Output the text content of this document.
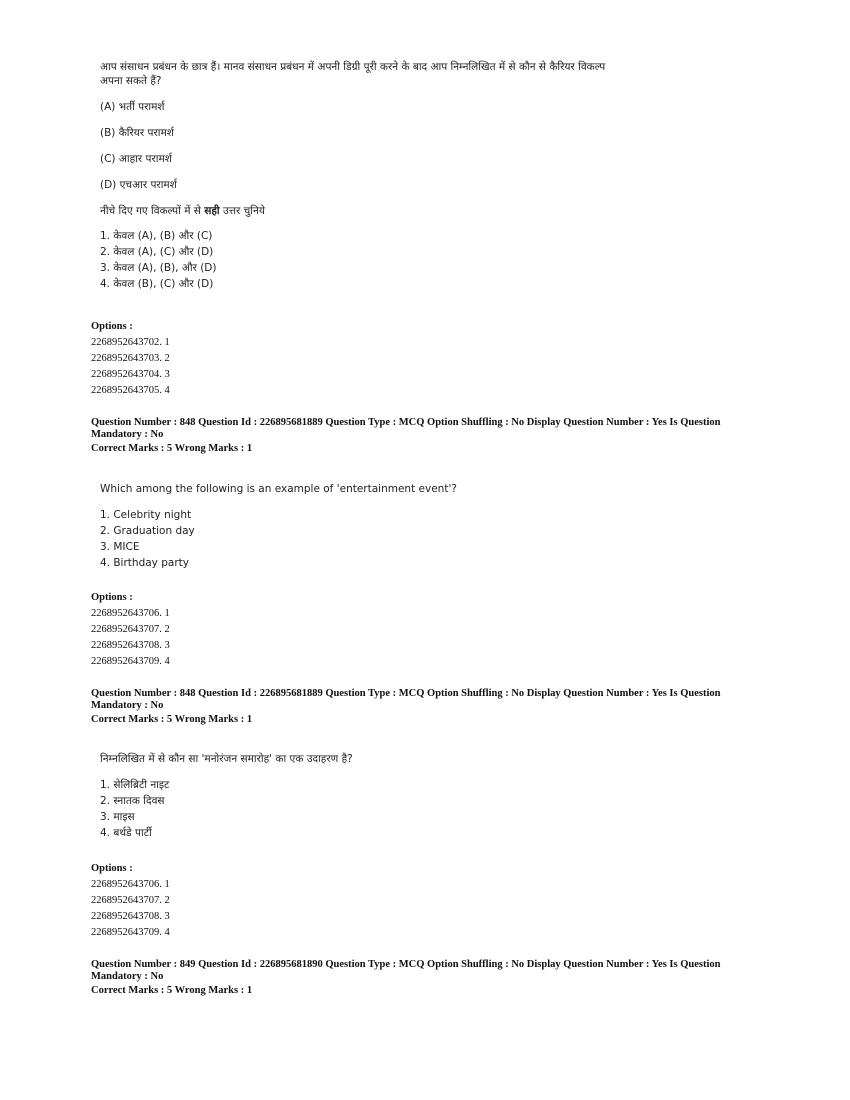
आप संसाधन प्रबंधन के छात्र हैं। मानव संसाधन प्रबंधन में अपनी डिग्री पूरी करने के बाद आप निम्नलिखित में से कौन से कैरियर विकल्प

अपना सकते हैं?

(A) भर्ती परामर्श

(B) कैरियर परामर्श

(C) आहार परामर्श

(D) एचआर परामर्श

नीचे दिए गए विकल्पों में से सही उत्तर चुनिये

1. केवल (A), (B) और (C)

2. केवल (A), (C) और (D)

3. केवल (A), (B), और (D)

4. केवल (B), (C) और (D)

Options :
2268952643702. 1
2268952643703. 2
2268952643704. 3
2268952643705. 4
Question Number : 848 Question Id : 226895681889 Question Type : MCQ Option Shuffling : No Display Question Number : Yes Is Question
Mandatory : No
Correct Marks : 5 Wrong Marks : 1

Which among the following is an example of 'entertainment event'?

1. Celebrity night

2. Graduation day

3. MICE

4. Birthday party

Options :
2268952643706. 1
2268952643707. 2
2268952643708. 3
2268952643709. 4
Question Number : 848 Question Id : 226895681889 Question Type : MCQ Option Shuffling : No Display Question Number : Yes Is Question
Mandatory : No
Correct Marks : 5 Wrong Marks : 1

निम्नलिखित में से कौन सा 'मनोरंजन समारोह' का एक उदाहरण है?

1. सेलिब्रिटी नाइट

2. स्नातक दिवस

3. माइस

4. बर्थडे पार्टी

Options :
2268952643706. 1
2268952643707. 2
2268952643708. 3
2268952643709. 4
Question Number : 849 Question Id : 226895681890 Question Type : MCQ Option Shuffling : No Display Question Number : Yes Is Question
Mandatory : No
Correct Marks : 5 Wrong Marks : 1
